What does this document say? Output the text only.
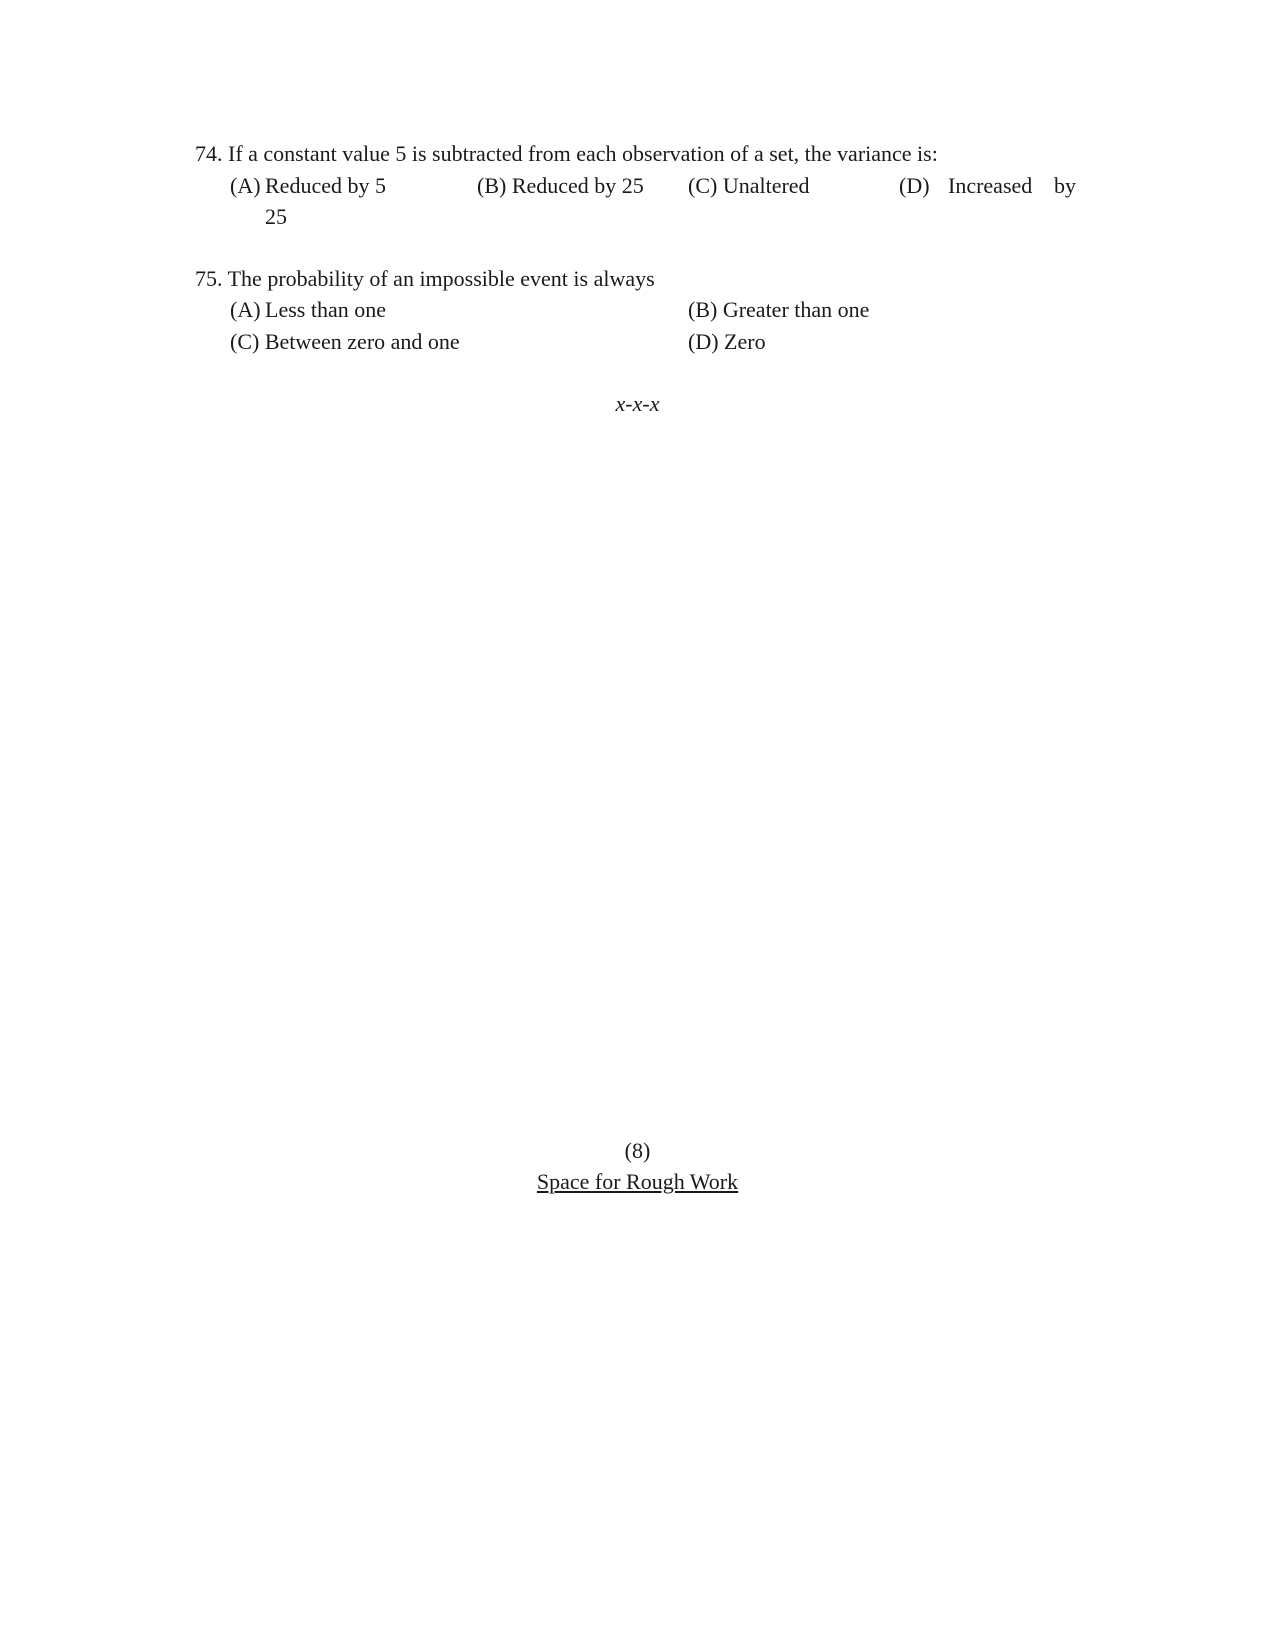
74. If a constant value 5 is subtracted from each observation of a set, the variance is:
(A) Reduced by 5	(B) Reduced by 25 (C) Unaltered	(D) Increased by
25
75. The probability of an impossible event is always
(A) Less than one	(B) Greater than one
(C) Between zero and one	(D) Zero
x-x-x
(8)
Space for Rough Work
